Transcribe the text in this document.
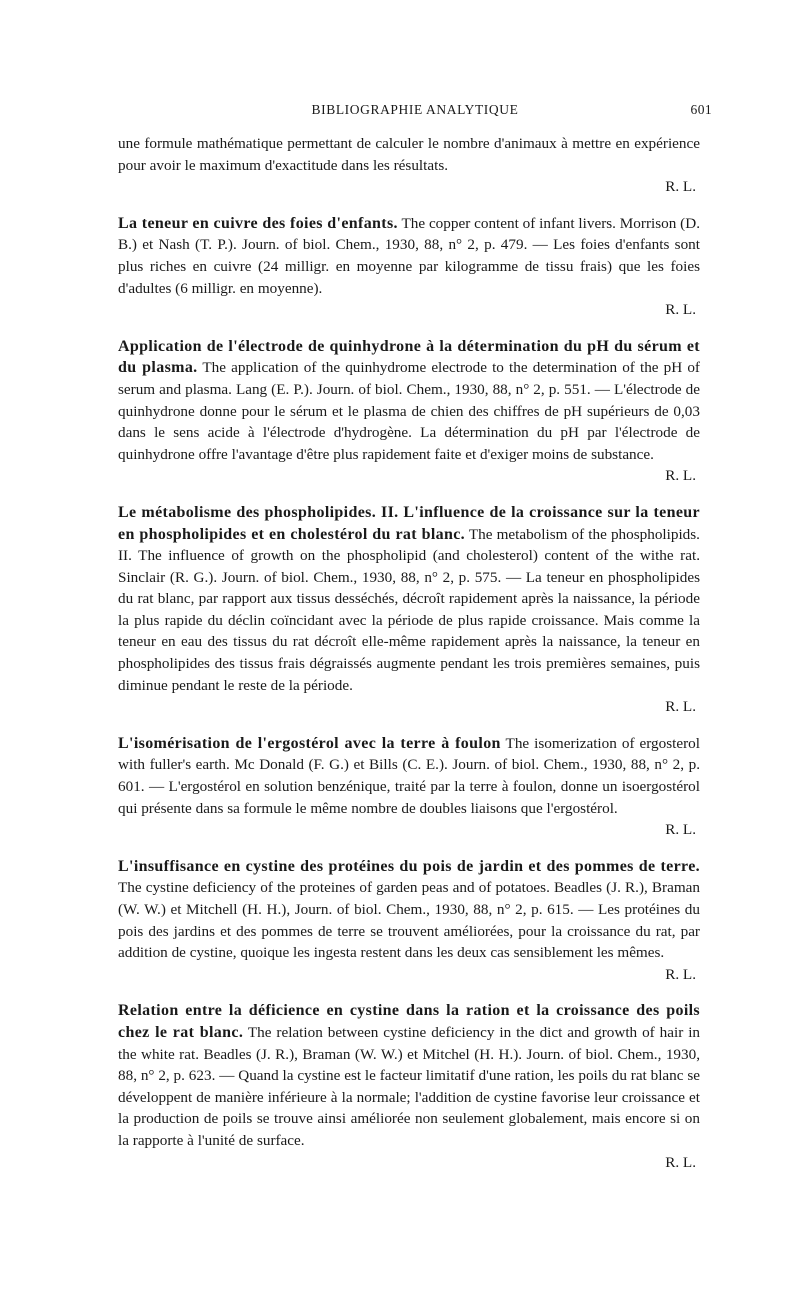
BIBLIOGRAPHIE ANALYTIQUE	601

une formule mathématique permettant de calculer le nombre d'animaux à mettre en expérience pour avoir le maximum d'exactitude dans les résultats.

R. L.

La teneur en cuivre des foies d'enfants. The copper content of infant livers. Morrison (D. B.) et Nash (T. P.). Journ. of biol. Chem., 1930, 88, n° 2, p. 479. — Les foies d'enfants sont plus riches en cuivre (24 milligr. en moyenne par kilogramme de tissu frais) que les foies d'adultes (6 milligr. en moyenne).

R. L.

Application de l'électrode de quinhydrone à la détermination du pH du sérum et du plasma. The application of the quinhydrome electrode to the determination of the pH of serum and plasma. Lang (E. P.). Journ. of biol. Chem., 1930, 88, n° 2, p. 551. — L'électrode de quinhydrone donne pour le sérum et le plasma de chien des chiffres de pH supérieurs de 0,03 dans le sens acide à l'électrode d'hydrogène. La détermination du pH par l'électrode de quinhydrone offre l'avantage d'être plus rapidement faite et d'exiger moins de substance.

R. L.

Le métabolisme des phospholipides. II. L'influence de la croissance sur la teneur en phospholipides et en cholestérol du rat blanc. The metabolism of the phospholipids. II. The influence of growth on the phospholipid (and cholesterol) content of the withe rat. Sinclair (R. G.). Journ. of biol. Chem., 1930, 88, n° 2, p. 575. — La teneur en phospholipides du rat blanc, par rapport aux tissus desséchés, décroît rapidement après la naissance, la période la plus rapide du déclin coïncidant avec la période de plus rapide croissance. Mais comme la teneur en eau des tissus du rat décroît elle-même rapidement après la naissance, la teneur en phospholipides des tissus frais dégraissés augmente pendant les trois premières semaines, puis diminue pendant le reste de la période.

R. L.

L'isomérisation de l'ergostérol avec la terre à foulon The isomerization of ergosterol with fuller's earth. Mc Donald (F. G.) et Bills (C. E.). Journ. of biol. Chem., 1930, 88, n° 2, p. 601. — L'ergostérol en solution benzénique, traité par la terre à foulon, donne un isoergostérol qui présente dans sa formule le même nombre de doubles liaisons que l'ergostérol.

R. L.

L'insuffisance en cystine des protéines du pois de jardin et des pommes de terre. The cystine deficiency of the proteines of garden peas and of potatoes. Beadles (J. R.), Braman (W. W.) et Mitchell (H. H.), Journ. of biol. Chem., 1930, 88, n° 2, p. 615. — Les protéines du pois des jardins et des pommes de terre se trouvent améliorées, pour la croissance du rat, par addition de cystine, quoique les ingesta restent dans les deux cas sensiblement les mêmes.

R. L.

Relation entre la déficience en cystine dans la ration et la croissance des poils chez le rat blanc. The relation between cystine deficiency in the dict and growth of hair in the white rat. Beadles (J. R.), Braman (W. W.) et Mitchel (H. H.). Journ. of biol. Chem., 1930, 88, n° 2, p. 623. — Quand la cystine est le facteur limitatif d'une ration, les poils du rat blanc se développent de manière inférieure à la normale; l'addition de cystine favorise leur croissance et la production de poils se trouve ainsi améliorée non seulement globalement, mais encore si on la rapporte à l'unité de surface.

R. L.
